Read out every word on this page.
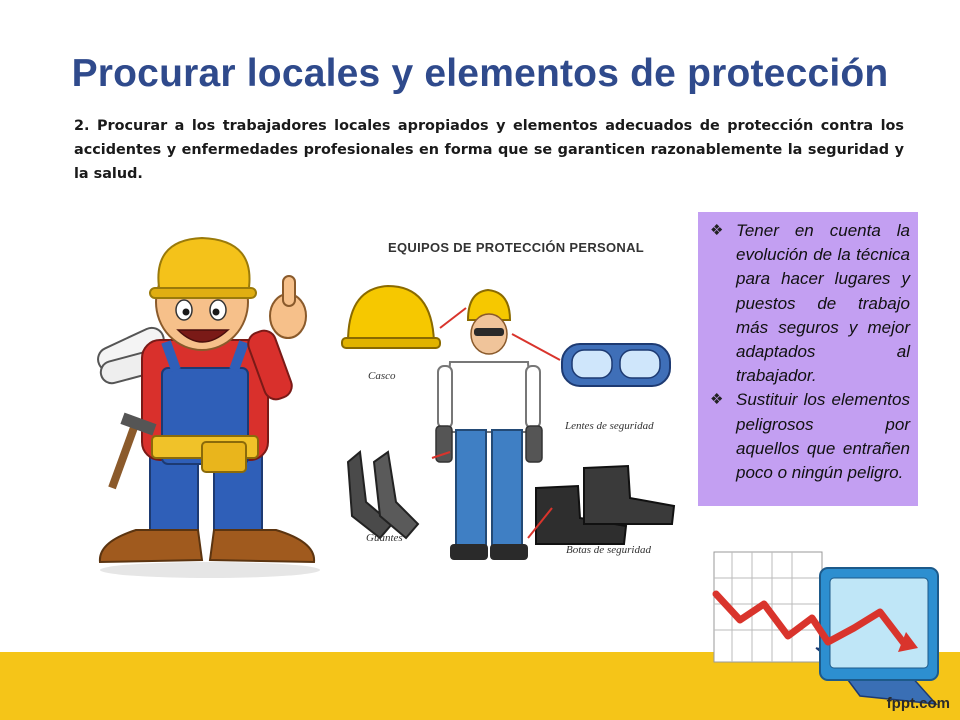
Procurar locales y elementos de protección
2. Procurar a los trabajadores locales apropiados y elementos adecuados de protección contra los accidentes y enfermedades profesionales en forma que se garanticen razonablemente la seguridad y la salud.
EQUIPOS DE PROTECCIÓN PERSONAL
Casco
Lentes de seguridad
Guantes
Botas de seguridad
❖ Tener en cuenta la evolución de la técnica para hacer lugares y puestos de trabajo más seguros y mejor adaptados al trabajador.
❖ Sustituir los elementos peligrosos por aquellos que entrañen poco o ningún peligro.
fppt.com
